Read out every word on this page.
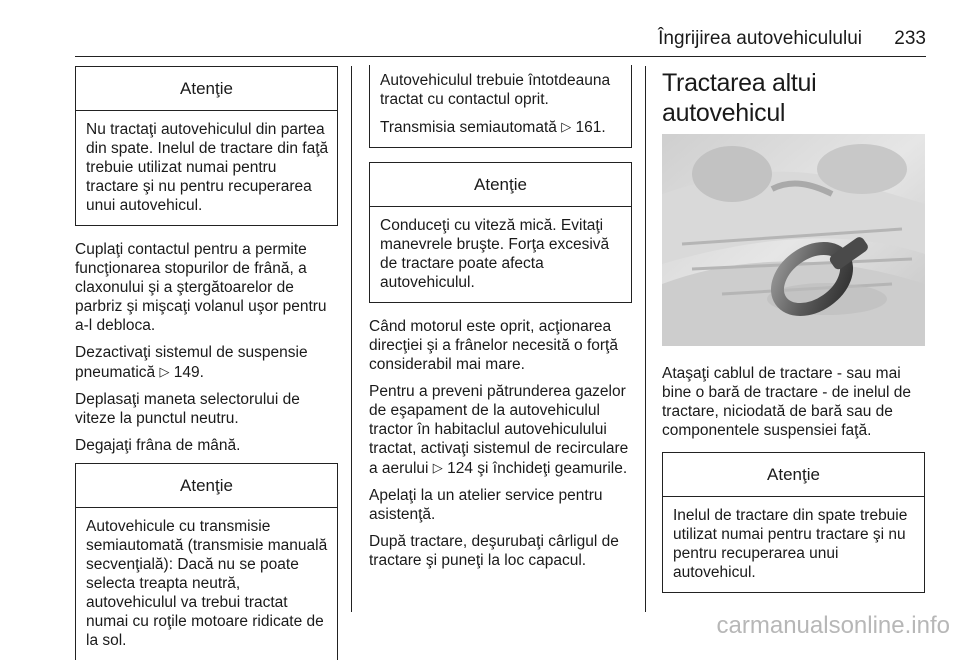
Îngrijirea autovehiculului 233
Atenţie
Nu tractaţi autovehiculul din partea din spate. Inelul de tractare din faţă trebuie utilizat numai pentru tractare şi nu pentru recuperarea unui autovehicul.

Cuplaţi contactul pentru a permite funcţionarea stopurilor de frână, a claxonului şi a ştergătoarelor de parbriz şi mişcaţi volanul uşor pentru a-l debloca.

Dezactivaţi sistemul de suspensie pneumatică ▷ 149.

Deplasaţi maneta selectorului de viteze la punctul neutru.

Degajaţi frâna de mână.

Atenţie
Autovehicule cu transmisie semiautomată (transmisie manuală secvenţială): Dacă nu se poate selecta treapta neutră, autovehiculul va trebui tractat numai cu roţile motoare ridicate de la sol.

Autovehiculul trebuie întotdeauna tractat cu contactul oprit.

Transmisia semiautomată ▷ 161.

Atenţie
Conduceţi cu viteză mică. Evitaţi manevrele bruşte. Forţa excesivă de tractare poate afecta autovehiculul.

Când motorul este oprit, acţionarea direcţiei şi a frânelor necesită o forţă considerabil mai mare.

Pentru a preveni pătrunderea gazelor de eşapament de la autovehiculul tractor în habitaclul autovehiculului tractat, activaţi sistemul de recirculare a aerului ▷ 124 şi închideţi geamurile.

Apelaţi la un atelier service pentru asistenţă.

După tractare, deşurubaţi cârligul de tractare şi puneţi la loc capacul.

Tractarea altui autovehicul

Ataşaţi cablul de tractare - sau mai bine o bară de tractare - de inelul de tractare, niciodată de bară sau de componentele suspensiei faţă.

Atenţie
Inelul de tractare din spate trebuie utilizat numai pentru tractare şi nu pentru recuperarea unui autovehicul.
carmanualsonline.info
